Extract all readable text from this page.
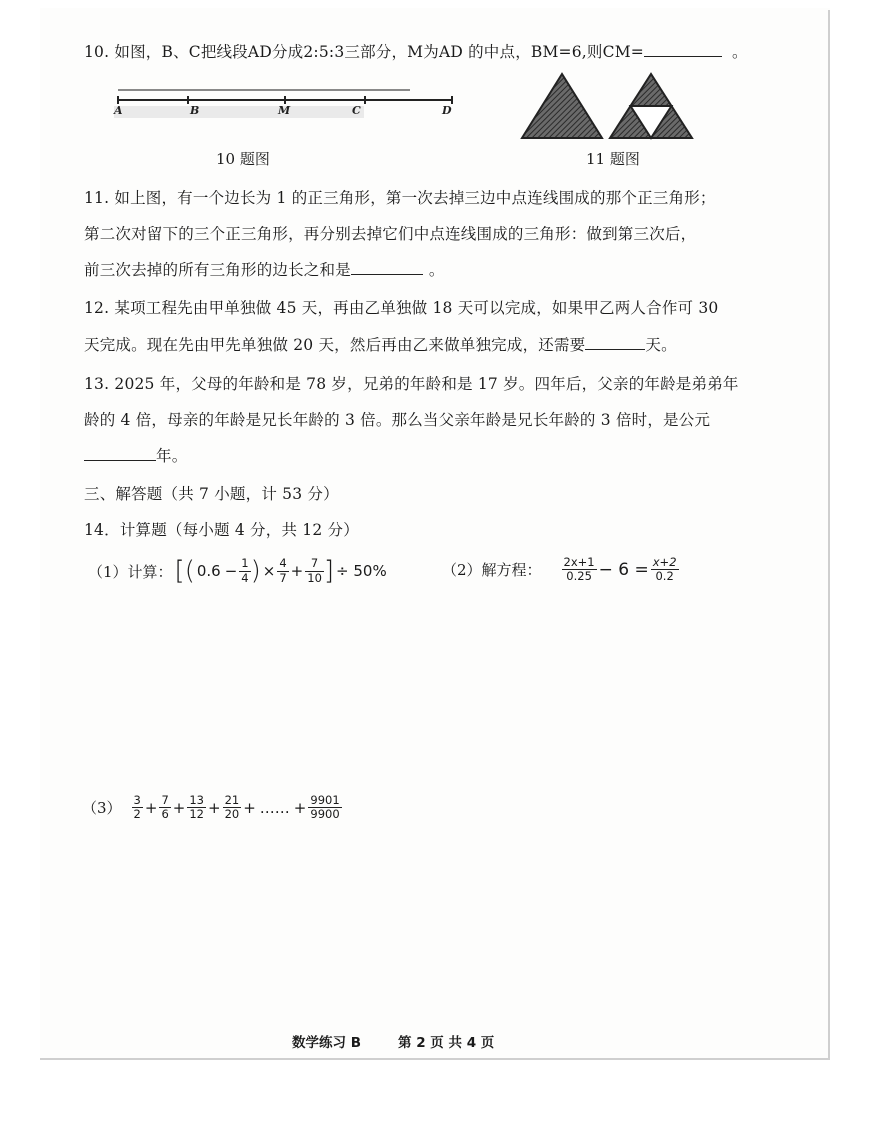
10. 如图，B、C把线段AD分成2:5:3三部分，M为AD 的中点，BM=6,则CM=	。
A	B	M	C	D
10 题图	11 题图
11. 如上图，有一个边长为 1 的正三角形，第一次去掉三边中点连线围成的那个正三角形；
第二次对留下的三个正三角形，再分别去掉它们中点连线围成的三角形：做到第三次后，
前三次去掉的所有三角形的边长之和是	。
12. 某项工程先由甲单独做 45 天，再由乙单独做 18 天可以完成，如果甲乙两人合作可 30
天完成。现在先由甲先单独做 20 天，然后再由乙来做单独完成，还需要	天。
13. 2025 年，父母的年龄和是 78 岁，兄弟的年龄和是 17 岁。四年后，父亲的年龄是弟弟年
龄的 4 倍，母亲的年龄是兄长年龄的 3 倍。那么当父亲年龄是兄长年龄的 3 倍时，是公元
年。
三、解答题（共 7 小题，计 53 分）
14．计算题（每小题 4 分，共 12 分）
（1）计算：[( $0.6 - \frac{1}{4}$ ) × $\frac{4}{7} + \frac{7}{10}$ ] ÷ 50%	（2）解方程： $\frac{2x+1}{0.25} - 6 = \frac{x+2}{0.2}$
$(3) \frac{3}{2} + \frac{7}{6} + \frac{13}{12} + \frac{21}{20}$ + …… + $\frac{9901}{9900}$
数学练习 B	第 2 页 共 4 页
